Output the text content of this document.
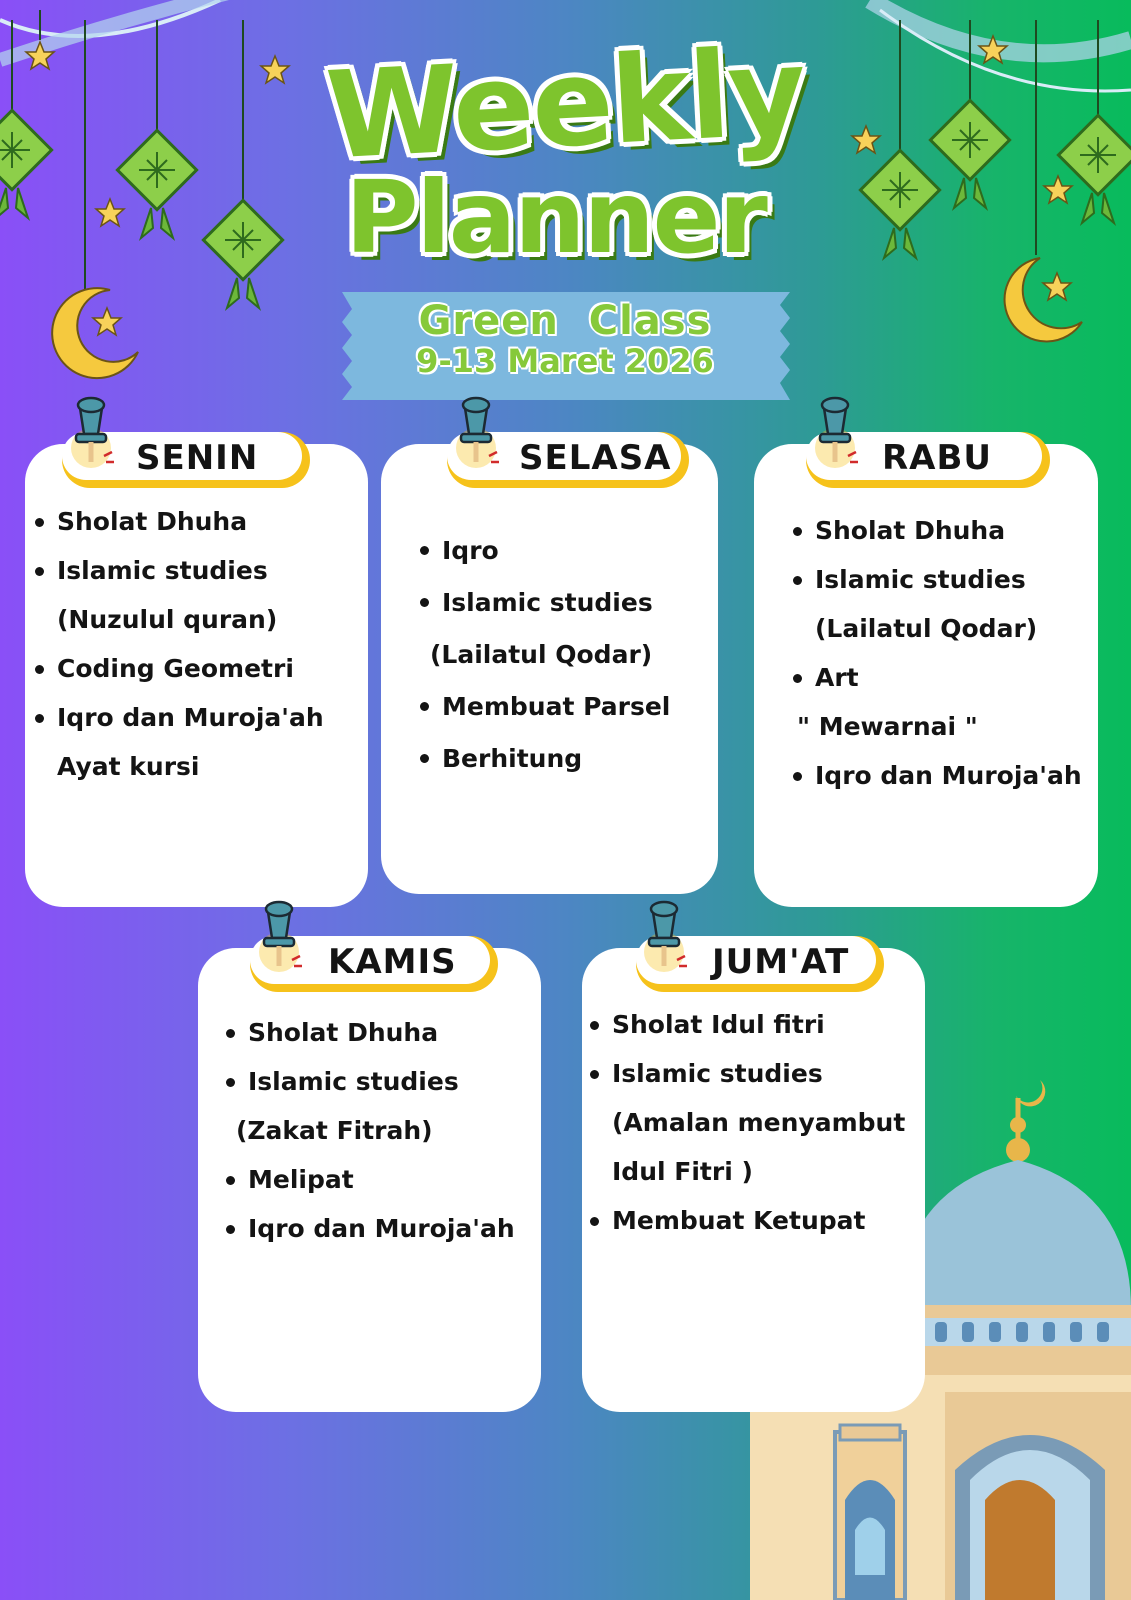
Weekly
Planner
Green  Class
9-13 Maret 2026
Sholat Dhuha
Islamic studies
(Nuzulul quran)
Coding Geometri
Iqro dan Muroja'ah
Ayat kursi
Iqro
Islamic studies
(Lailatul Qodar)
Membuat Parsel
Berhitung
Sholat Dhuha
Islamic studies
(Lailatul Qodar)
Art
" Mewarnai "
Iqro dan Muroja'ah
Sholat Dhuha
Islamic studies
(Zakat Fitrah)
Melipat
Iqro dan Muroja'ah
Sholat Idul fitri
Islamic studies
(Amalan menyambut
Idul Fitri )
Membuat Ketupat
SENIN	SELASA	RABU
KAMIS	JUM'AT
